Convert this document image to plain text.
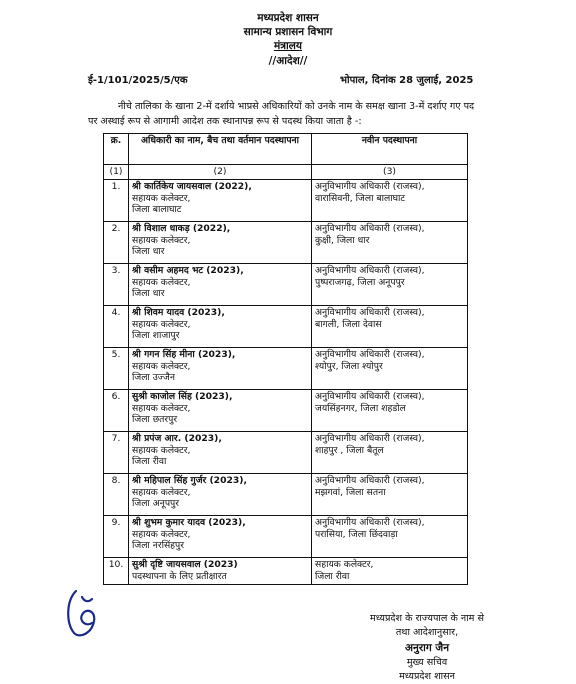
मध्यप्रदेश शासन
सामान्य प्रशासन विभाग
मंत्रालय
//आदेश//
ई-1/101/2025/5/एक	भोपाल, दिनांक 28 जुलाई, 2025
नीचे तालिका के खाना 2-में दर्शाये भाप्रसे अधिकारियों को उनके नाम के समक्ष खाना 3-में दर्शाए गए पद पर अस्थाई रूप से आगामी आदेश तक स्थानापन्न रूप से पदस्थ किया जाता है -:
क्र.	अधिकारी का नाम, बैच तथा वर्तमान पदस्थापना	नवीन पदस्थापना
(1)	(2)	(3)
1.	श्री कार्तिकेय जायसवाल (2022),
सहायक कलेक्टर,
जिला बालाघाट	अनुविभागीय अधिकारी (राजस्व),
वारासिवनी, जिला बालाघाट

2.	श्री विशाल धाकड़ (2022),
सहायक कलेक्टर,
जिला धार	अनुविभागीय अधिकारी (राजस्व),
कुक्षी, जिला धार

3.	श्री वसीम अहमद भट (2023),
सहायक कलेक्टर,
जिला धार	अनुविभागीय अधिकारी (राजस्व),
पुष्पराजगढ़, जिला अनूपपुर

4.	श्री शिवम यादव (2023),
सहायक कलेक्टर,
जिला शाजापुर	अनुविभागीय अधिकारी (राजस्व),
बागली, जिला देवास

5.	श्री गगन सिंह मीना (2023),
सहायक कलेक्टर,
जिला उज्जैन	अनुविभागीय अधिकारी (राजस्व),
श्योपुर, जिला श्योपुर

6.	सुश्री काजोल सिंह (2023),
सहायक कलेक्टर,
जिला छतरपुर	अनुविभागीय अधिकारी (राजस्व),
जयसिंहनगर, जिला शहडोल

7.	श्री प्रपंज आर. (2023),
सहायक कलेक्टर,
जिला रीवा	अनुविभागीय अधिकारी (राजस्व),
शाहपुर , जिला बैतूल

8.	श्री महिपाल सिंह गुर्जर (2023),
सहायक कलेक्टर,
जिला अनूपपुर	अनुविभागीय अधिकारी (राजस्व),
मझगवां, जिला सतना

9.	श्री शुभम कुमार यादव (2023),
सहायक कलेक्टर,
जिला नरसिंहपुर	अनुविभागीय अधिकारी (राजस्व),
परासिया, जिला छिंदवाड़ा

10.	सुश्री दृष्टि जायसवाल (2023)
पदस्थापना के लिए प्रतीक्षारत	सहायक कलेक्टर,
जिला रीवा
मध्यप्रदेश के राज्यपाल के नाम से
तथा आदेशानुसार,
अनुराग जैन
मुख्य सचिव
मध्यप्रदेश शासन
